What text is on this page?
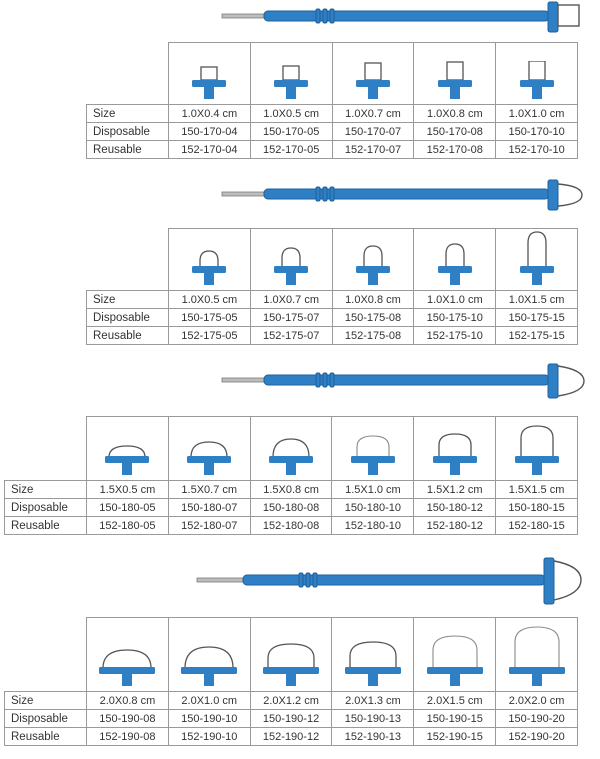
Size	1.0X0.4 cm	1.0X0.5 cm	1.0X0.7 cm	1.0X0.8 cm	1.0X1.0 cm
Disposable	150-170-04	150-170-05	150-170-07	150-170-08	150-170-10
Reusable	152-170-04	152-170-05	152-170-07	152-170-08	152-170-10

Size	1.0X0.5 cm	1.0X0.7 cm	1.0X0.8 cm	1.0X1.0 cm	1.0X1.5 cm
Disposable	150-175-05	150-175-07	150-175-08	150-175-10	150-175-15
Reusable	152-175-05	152-175-07	152-175-08	152-175-10	152-175-15

Size	1.5X0.5 cm	1.5X0.7 cm	1.5X0.8 cm	1.5X1.0 cm	1.5X1.2 cm	1.5X1.5 cm
Disposable	150-180-05	150-180-07	150-180-08	150-180-10	150-180-12	150-180-15
Reusable	152-180-05	152-180-07	152-180-08	152-180-10	152-180-12	152-180-15

Size	2.0X0.8 cm	2.0X1.0 cm	2.0X1.2 cm	2.0X1.3 cm	2.0X1.5 cm	2.0X2.0 cm
Disposable	150-190-08	150-190-10	150-190-12	150-190-13	150-190-15	150-190-20
Reusable	152-190-08	152-190-10	152-190-12	152-190-13	152-190-15	152-190-20
